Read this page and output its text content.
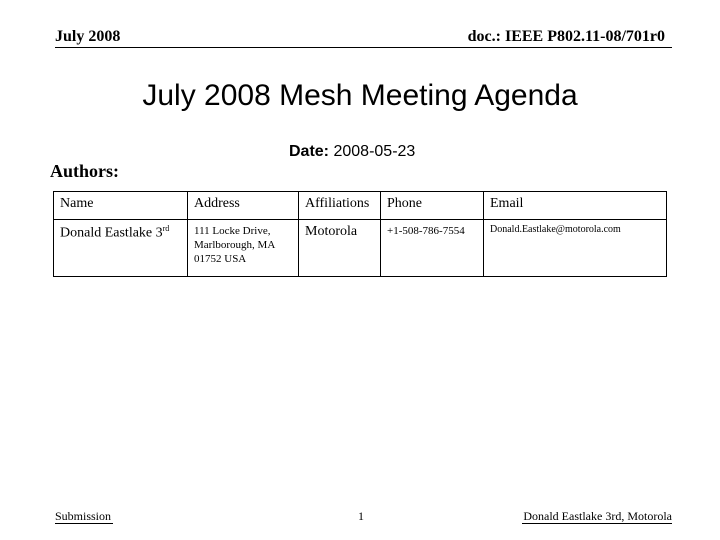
July 2008	doc.: IEEE P802.11-08/701r0
July 2008 Mesh Meeting Agenda
Date: 2008-05-23
Authors:
Name	Address	Affiliations	Phone	Email
Donald Eastlake 3rd	111 Locke Drive, Marlborough, MA 01752 USA	Motorola	+1-508-786-7554	Donald.Eastlake@motorola.com
Submission	1	Donald Eastlake 3rd, Motorola
